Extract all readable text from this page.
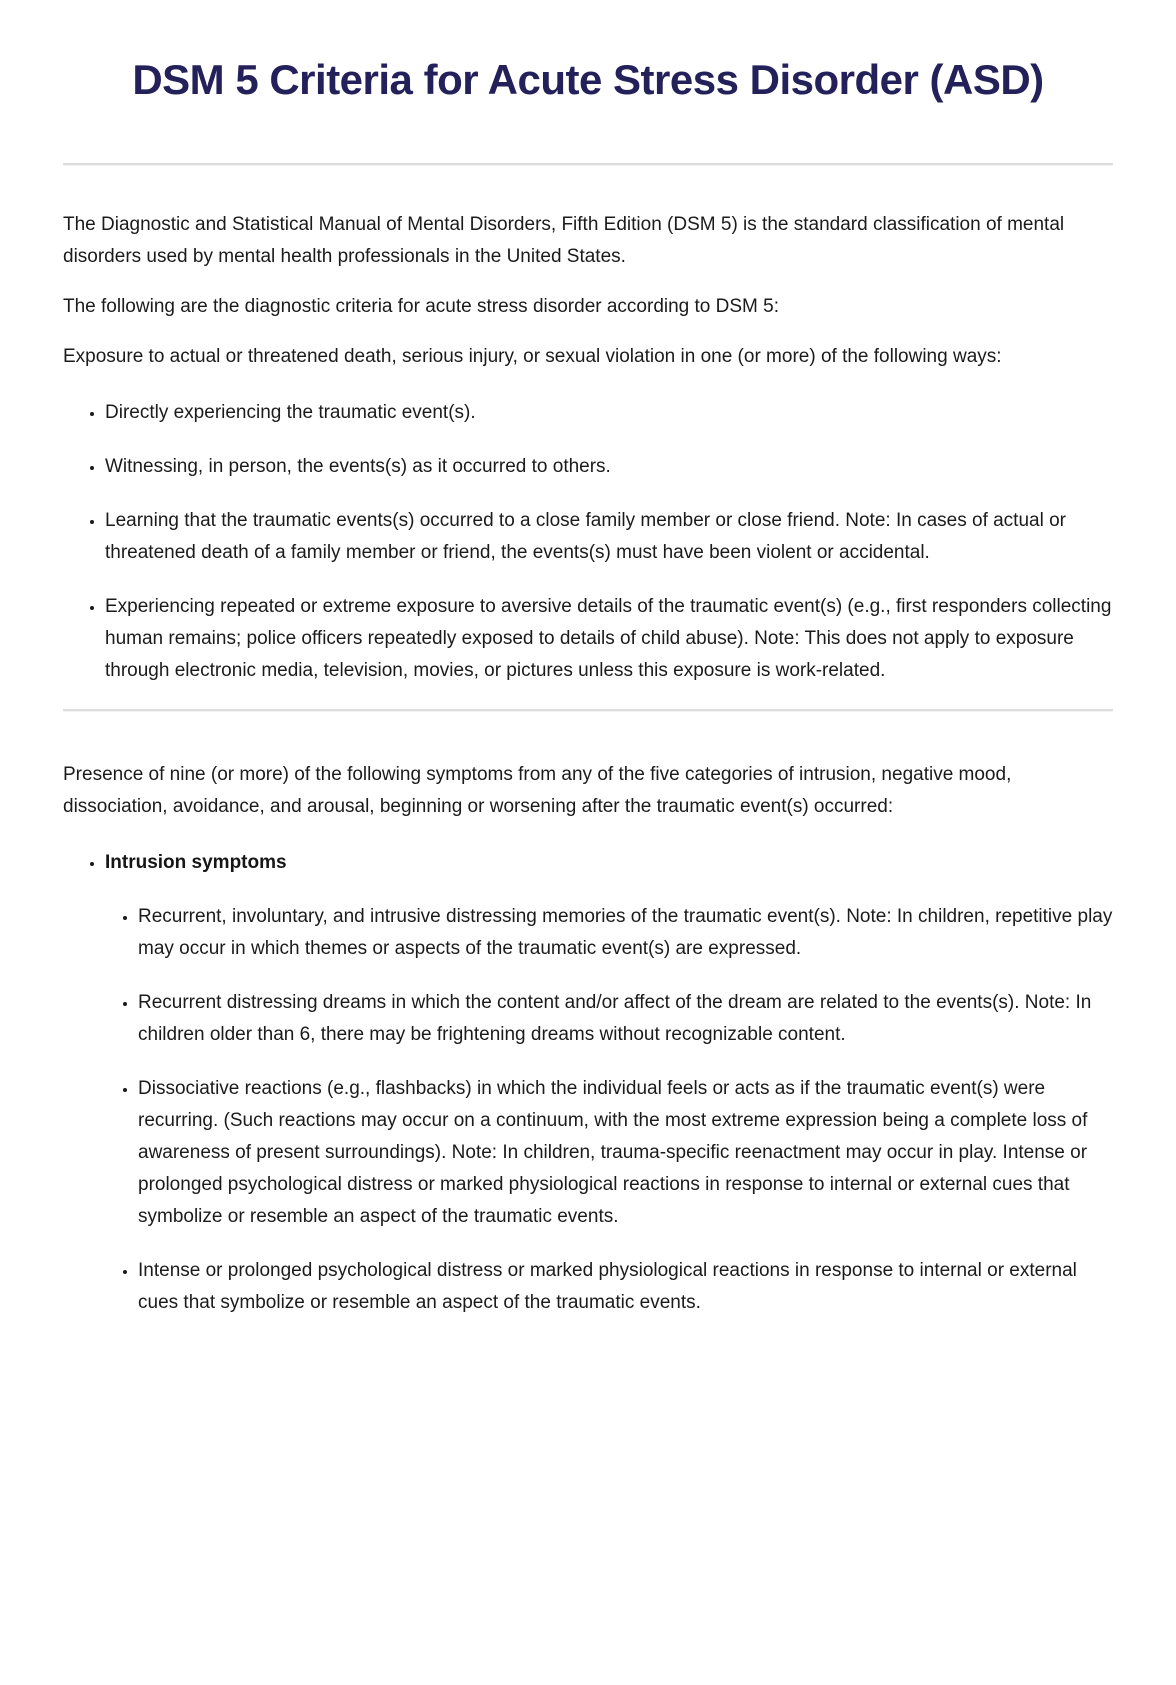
DSM 5 Criteria for Acute Stress Disorder (ASD)

The Diagnostic and Statistical Manual of Mental Disorders, Fifth Edition (DSM 5) is the standard classification of mental disorders used by mental health professionals in the United States.

The following are the diagnostic criteria for acute stress disorder according to DSM 5:

Exposure to actual or threatened death, serious injury, or sexual violation in one (or more) of the following ways:

• Directly experiencing the traumatic event(s).
• Witnessing, in person, the events(s) as it occurred to others.
• Learning that the traumatic events(s) occurred to a close family member or close friend. Note: In cases of actual or threatened death of a family member or friend, the events(s) must have been violent or accidental.
• Experiencing repeated or extreme exposure to aversive details of the traumatic event(s) (e.g., first responders collecting human remains; police officers repeatedly exposed to details of child abuse). Note: This does not apply to exposure through electronic media, television, movies, or pictures unless this exposure is work-related.

Presence of nine (or more) of the following symptoms from any of the five categories of intrusion, negative mood, dissociation, avoidance, and arousal, beginning or worsening after the traumatic event(s) occurred:

• Intrusion symptoms
• Recurrent, involuntary, and intrusive distressing memories of the traumatic event(s). Note: In children, repetitive play may occur in which themes or aspects of the traumatic event(s) are expressed.
• Recurrent distressing dreams in which the content and/or affect of the dream are related to the events(s). Note: In children older than 6, there may be frightening dreams without recognizable content.
• Dissociative reactions (e.g., flashbacks) in which the individual feels or acts as if the traumatic event(s) were recurring. (Such reactions may occur on a continuum, with the most extreme expression being a complete loss of awareness of present surroundings). Note: In children, trauma-specific reenactment may occur in play. Intense or prolonged psychological distress or marked physiological reactions in response to internal or external cues that symbolize or resemble an aspect of the traumatic events.
• Intense or prolonged psychological distress or marked physiological reactions in response to internal or external cues that symbolize or resemble an aspect of the traumatic events.
